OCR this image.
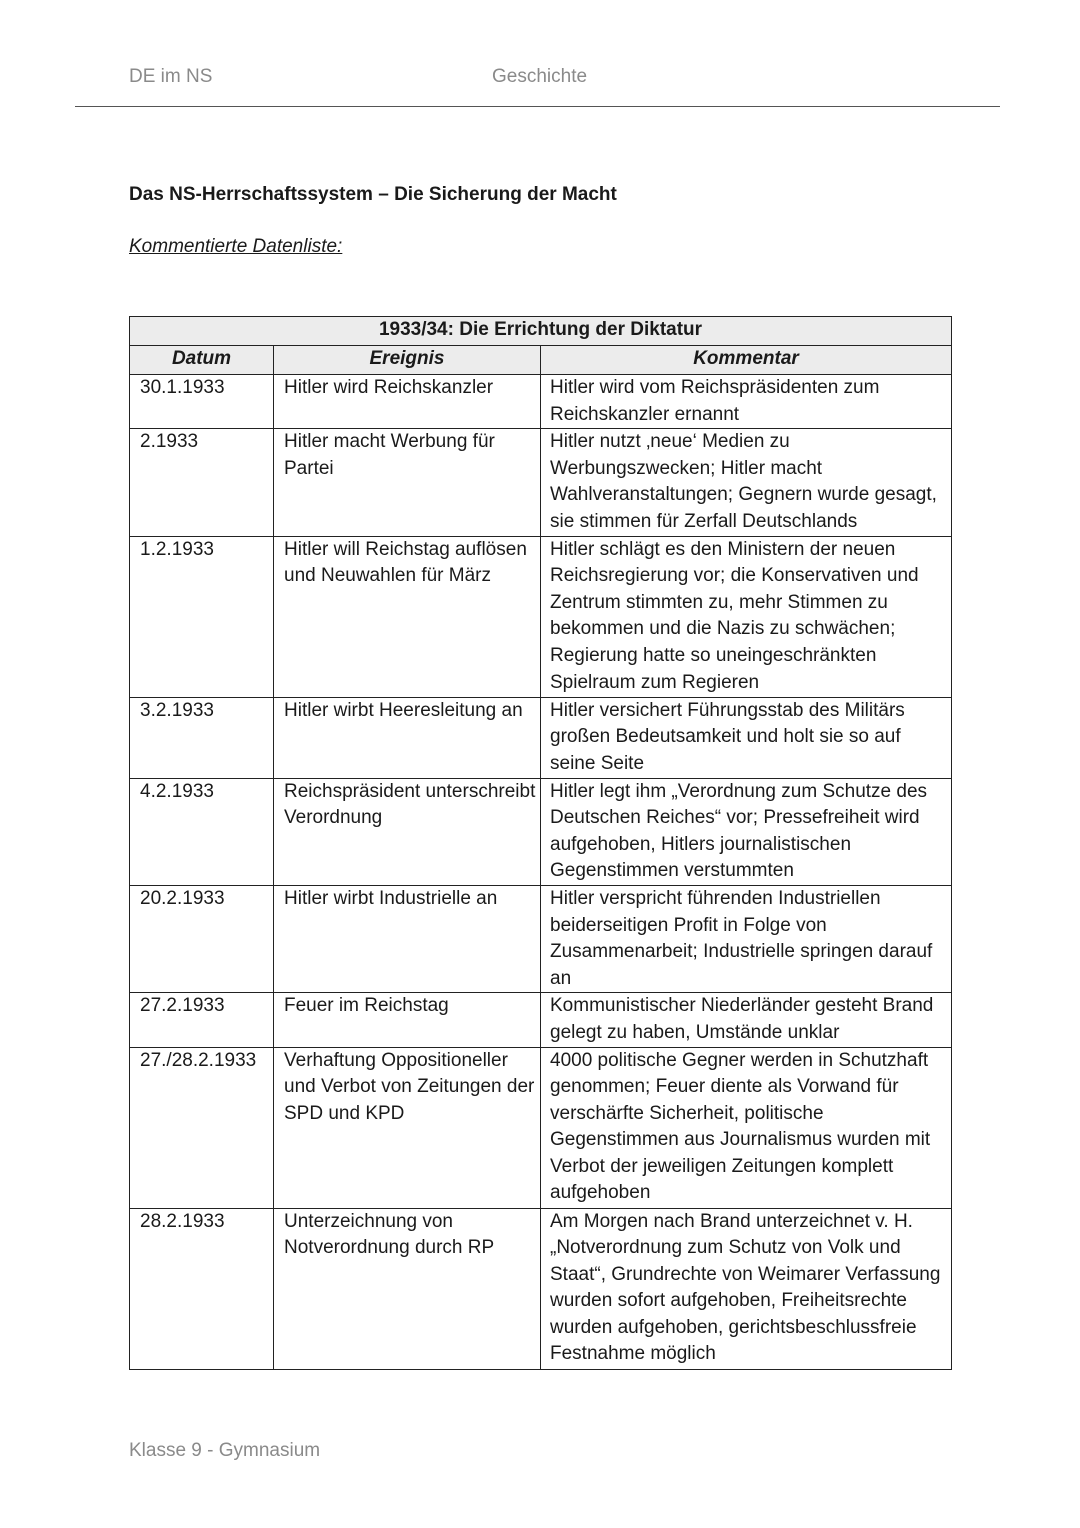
DE im NS	Geschichte
Das NS-Herrschaftssystem – Die Sicherung der Macht
Kommentierte Datenliste:
1933/34: Die Errichtung der Diktatur		
Datum	Ereignis	Kommentar
30.1.1933	Hitler wird Reichskanzler	Hitler wird vom Reichspräsidenten zum Reichskanzler ernannt
2.1933	Hitler macht Werbung für Partei	Hitler nutzt ‚neue‘ Medien zu Werbungszwecken; Hitler macht Wahlveranstaltungen; Gegnern wurde gesagt, sie stimmen für Zerfall Deutschlands
1.2.1933	Hitler will Reichstag auflösen und Neuwahlen für März	Hitler schlägt es den Ministern der neuen Reichsregierung vor; die Konservativen und Zentrum stimmten zu, mehr Stimmen zu bekommen und die Nazis zu schwächen; Regierung hatte so uneingeschränkten Spielraum zum Regieren
3.2.1933	Hitler wirbt Heeresleitung an	Hitler versichert Führungsstab des Militärs großen Bedeutsamkeit und holt sie so auf seine Seite
4.2.1933	Reichspräsident unterschreibt Verordnung	Hitler legt ihm „Verordnung zum Schutze des Deutschen Reiches“ vor; Pressefreiheit wird aufgehoben, Hitlers journalistischen Gegenstimmen verstummten
20.2.1933	Hitler wirbt Industrielle an	Hitler verspricht führenden Industriellen beiderseitigen Profit in Folge von Zusammenarbeit; Industrielle springen darauf an
27.2.1933	Feuer im Reichstag	Kommunistischer Niederländer gesteht Brand gelegt zu haben, Umstände unklar
27./28.2.1933	Verhaftung Oppositioneller und Verbot von Zeitungen der SPD und KPD	4000 politische Gegner werden in Schutzhaft genommen; Feuer diente als Vorwand für verschärfte Sicherheit, politische Gegenstimmen aus Journalismus wurden mit Verbot der jeweiligen Zeitungen komplett aufgehoben
28.2.1933	Unterzeichnung von Notverordnung durch RP	Am Morgen nach Brand unterzeichnet v. H. „Notverordnung zum Schutz von Volk und Staat“, Grundrechte von Weimarer Verfassung wurden sofort aufgehoben, Freiheitsrechte wurden aufgehoben, gerichtsbeschlussfreie Festnahme möglich
Klasse 9 - Gymnasium
